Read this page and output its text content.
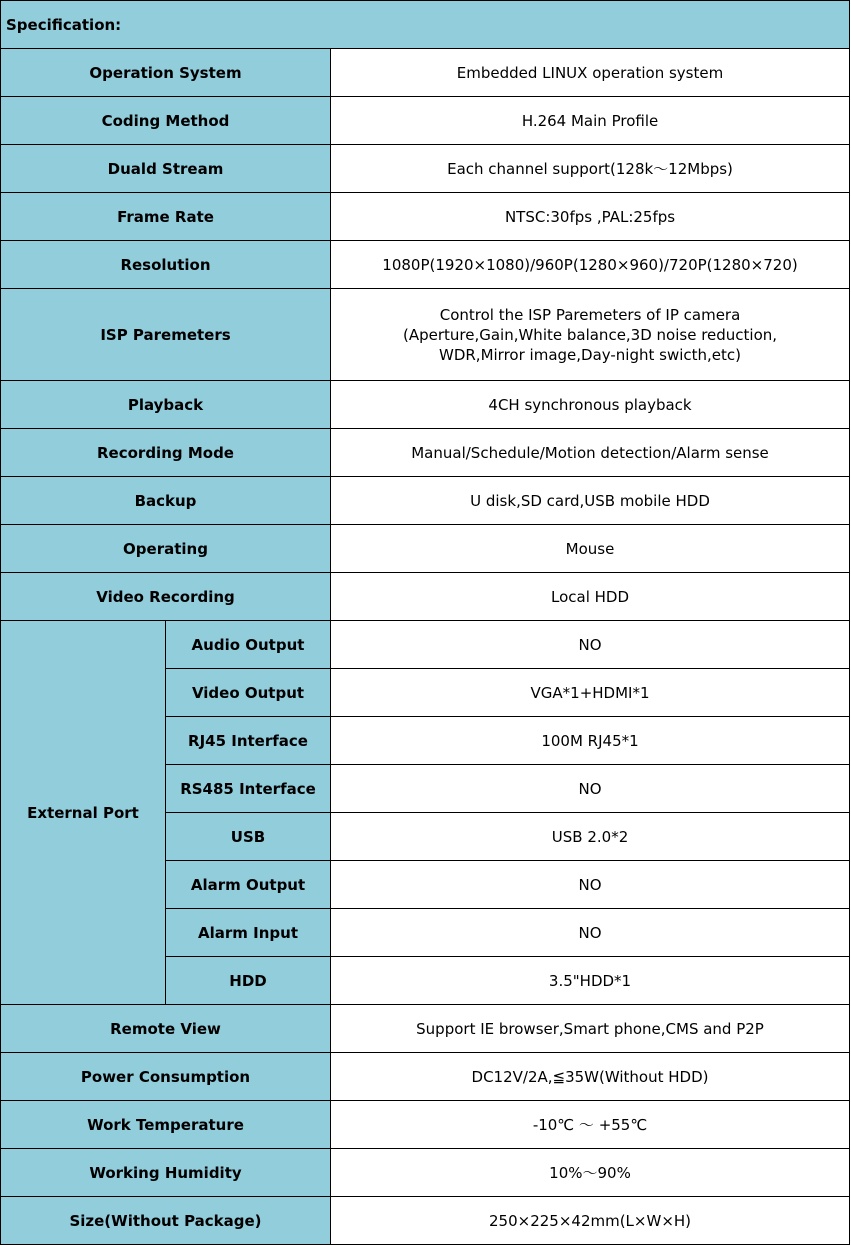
Specification:		
Operation System		Embedded LINUX operation system
Coding Method		H.264 Main Profile
Duald Stream		Each channel support(128k～12Mbps)
Frame Rate		NTSC:30fps ,PAL:25fps
Resolution		1080P(1920×1080)/960P(1280×960)/720P(1280×720)
ISP Paremeters		Control the ISP Paremeters of IP camera
(Aperture,Gain,White balance,3D noise reduction,
WDR,Mirror image,Day-night swicth,etc)

Playback		4CH synchronous playback
Recording Mode		Manual/Schedule/Motion detection/Alarm sense
Backup		U disk,SD card,USB mobile HDD
Operating		Mouse
Video Recording		Local HDD
External Port	Audio Output	NO
	Video Output	VGA*1+HDMI*1
	RJ45 Interface	100M RJ45*1
	RS485 Interface	NO
	USB	USB 2.0*2
	Alarm Output	NO
	Alarm Input	NO
	HDD	3.5"HDD*1
Remote View		Support IE browser,Smart phone,CMS and P2P
Power Consumption		DC12V/2A,≦35W(Without HDD)
Work Temperature		-10℃ ～ +55℃
Working Humidity		10%～90%
Size(Without Package)		250×225×42mm(L×W×H)
